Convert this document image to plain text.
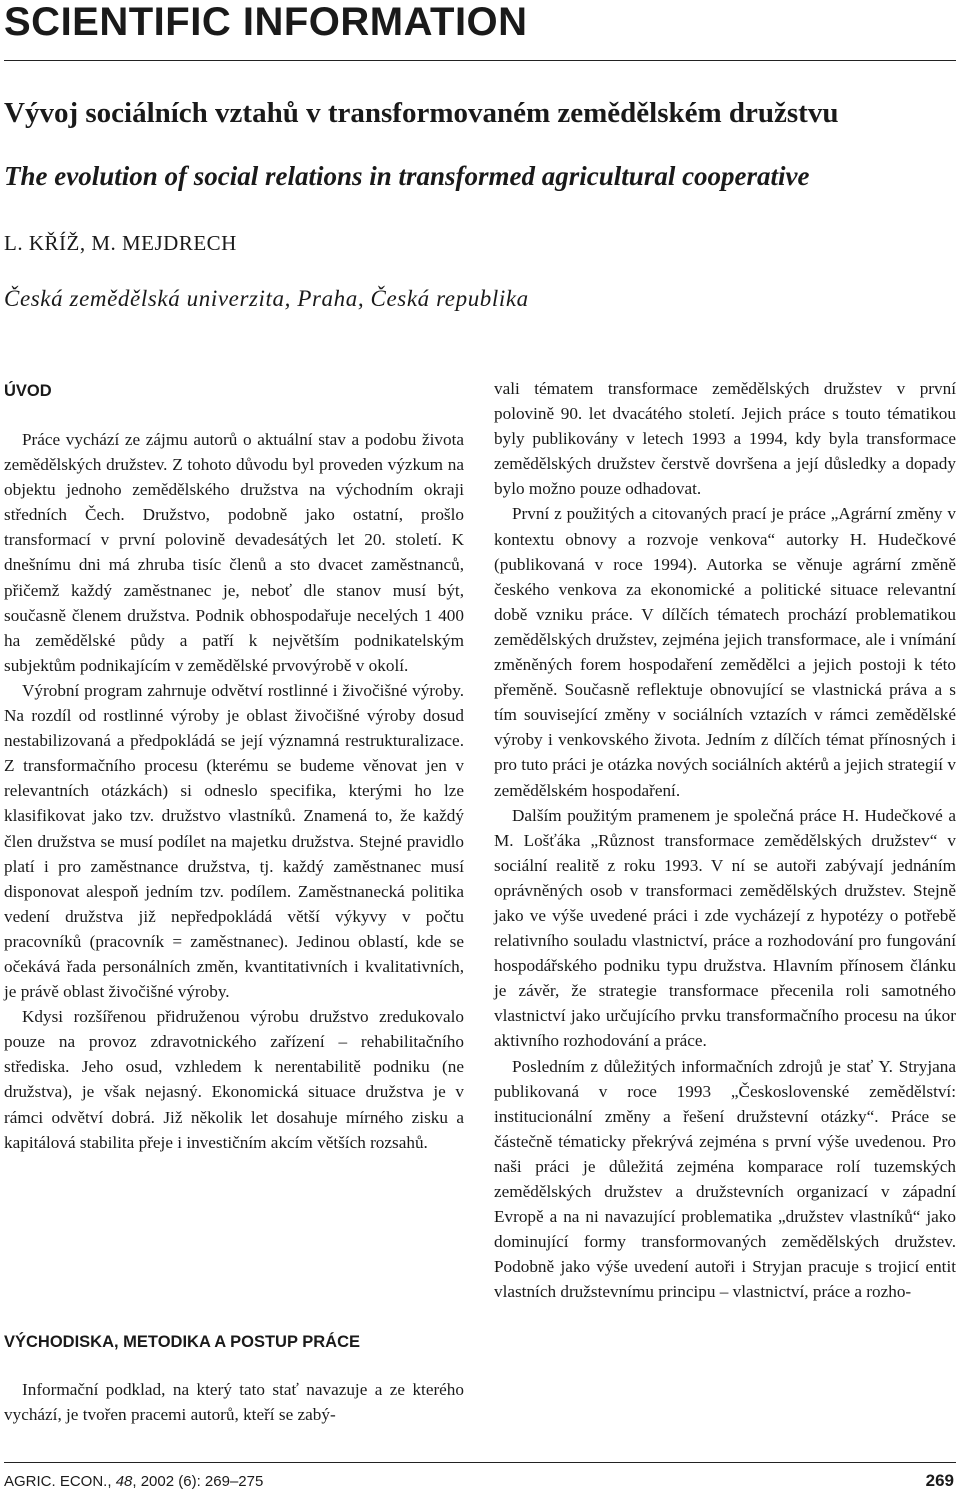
SCIENTIFIC INFORMATION
Vývoj sociálních vztahů v transformovaném zemědělském družstvu
The evolution of social relations in transformed agricultural cooperative

L. KŘÍŽ, M. MEJDRECH

Česká zemědělská univerzita, Praha, Česká republika

ÚVOD

Práce vychází ze zájmu autorů o aktuální stav a podobu života zemědělských družstev. Z tohoto důvodu byl proveden výzkum na objektu jednoho zemědělského družstva na východním okraji středních Čech. Družstvo, podobně jako ostatní, prošlo transformací v první polovině devadesátých let 20. století. K dnešnímu dni má zhruba tisíc členů a sto dvacet zaměstnanců, přičemž každý zaměstnanec je, neboť dle stanov musí být, současně členem družstva. Podnik obhospodařuje necelých 1 400 ha zemědělské půdy a patří k největším podnikatelským subjektům podnikajícím v zemědělské prvovýrobě v okolí.

Výrobní program zahrnuje odvětví rostlinné i živočišné výroby. Na rozdíl od rostlinné výroby je oblast živočišné výroby dosud nestabilizovaná a předpokládá se její významná restrukturalizace. Z transformačního procesu (kterému se budeme věnovat jen v relevantních otázkách) si odneslo specifika, kterými ho lze klasifikovat jako tzv. družstvo vlastníků. Znamená to, že každý člen družstva se musí podílet na majetku družstva. Stejné pravidlo platí i pro zaměstnance družstva, tj. každý zaměstnanec musí disponovat alespoň jedním tzv. podílem. Zaměstnanecká politika vedení družstva již nepředpokládá větší výkyvy v počtu pracovníků (pracovník = zaměstnanec). Jedinou oblastí, kde se očekává řada personálních změn, kvantitativních i kvalitativních, je právě oblast živočišné výroby.

Kdysi rozšířenou přidruženou výrobu družstvo zredukovalo pouze na provoz zdravotnického zařízení – rehabilitačního střediska. Jeho osud, vzhledem k nerentabilitě podniku (ne družstva), je však nejasný. Ekonomická situace družstva je v rámci odvětví dobrá. Již několik let dosahuje mírného zisku a kapitálová stabilita přeje i investičním akcím větších rozsahů.

VÝCHODISKA, METODIKA A POSTUP PRÁCE

Informační podklad, na který tato stať navazuje a ze kterého vychází, je tvořen pracemi autorů, kteří se zabý-

vali tématem transformace zemědělských družstev v první polovině 90. let dvacátého století. Jejich práce s touto tématikou byly publikovány v letech 1993 a 1994, kdy byla transformace zemědělských družstev čerstvě dovršena a její důsledky a dopady bylo možno pouze odhadovat.

První z použitých a citovaných prací je práce „Agrární změny v kontextu obnovy a rozvoje venkova“ autorky H. Hudečkové (publikovaná v roce 1994). Autorka se věnuje agrární změně českého venkova za ekonomické a politické situace relevantní době vzniku práce. V dílčích tématech prochází problematikou zemědělských družstev, zejména jejich transformace, ale i vnímání změněných forem hospodaření zemědělci a jejich postoji k této přeměně. Současně reflektuje obnovující se vlastnická práva a s tím související změny v sociálních vztazích v rámci zemědělské výroby i venkovského života. Jedním z dílčích témat přínosných i pro tuto práci je otázka nových sociálních aktérů a jejich strategií v zemědělském hospodaření.

Dalším použitým pramenem je společná práce H. Hudečkové a M. Lošťáka „Různost transformace zemědělských družstev“ v sociální realitě z roku 1993. V ní se autoři zabývají jednáním oprávněných osob v transformaci zemědělských družstev. Stejně jako ve výše uvedené práci i zde vycházejí z hypotézy o potřebě relativního souladu vlastnictví, práce a rozhodování pro fungování hospodářského podniku typu družstva. Hlavním přínosem článku je závěr, že strategie transformace přecenila roli samotného vlastnictví jako určujícího prvku transformačního procesu na úkor aktivního rozhodování a práce.

Posledním z důležitých informačních zdrojů je stať Y. Stryjana publikovaná v roce 1993 „Československé zemědělství: institucionální změny a řešení družstevní otázky“. Práce se částečně tématicky překrývá zejména s první výše uvedenou. Pro naši práci je důležitá zejména komparace rolí tuzemských zemědělských družstev a družstevních organizací v západní Evropě a na ni navazující problematika „družstev vlastníků“ jako dominující formy transformovaných zemědělských družstev. Podobně jako výše uvedení autoři i Stryjan pracuje s trojicí entit vlastních družstevnímu principu – vlastnictví, práce a rozho-

AGRIC. ECON., 48, 2002 (6): 269–275	269
